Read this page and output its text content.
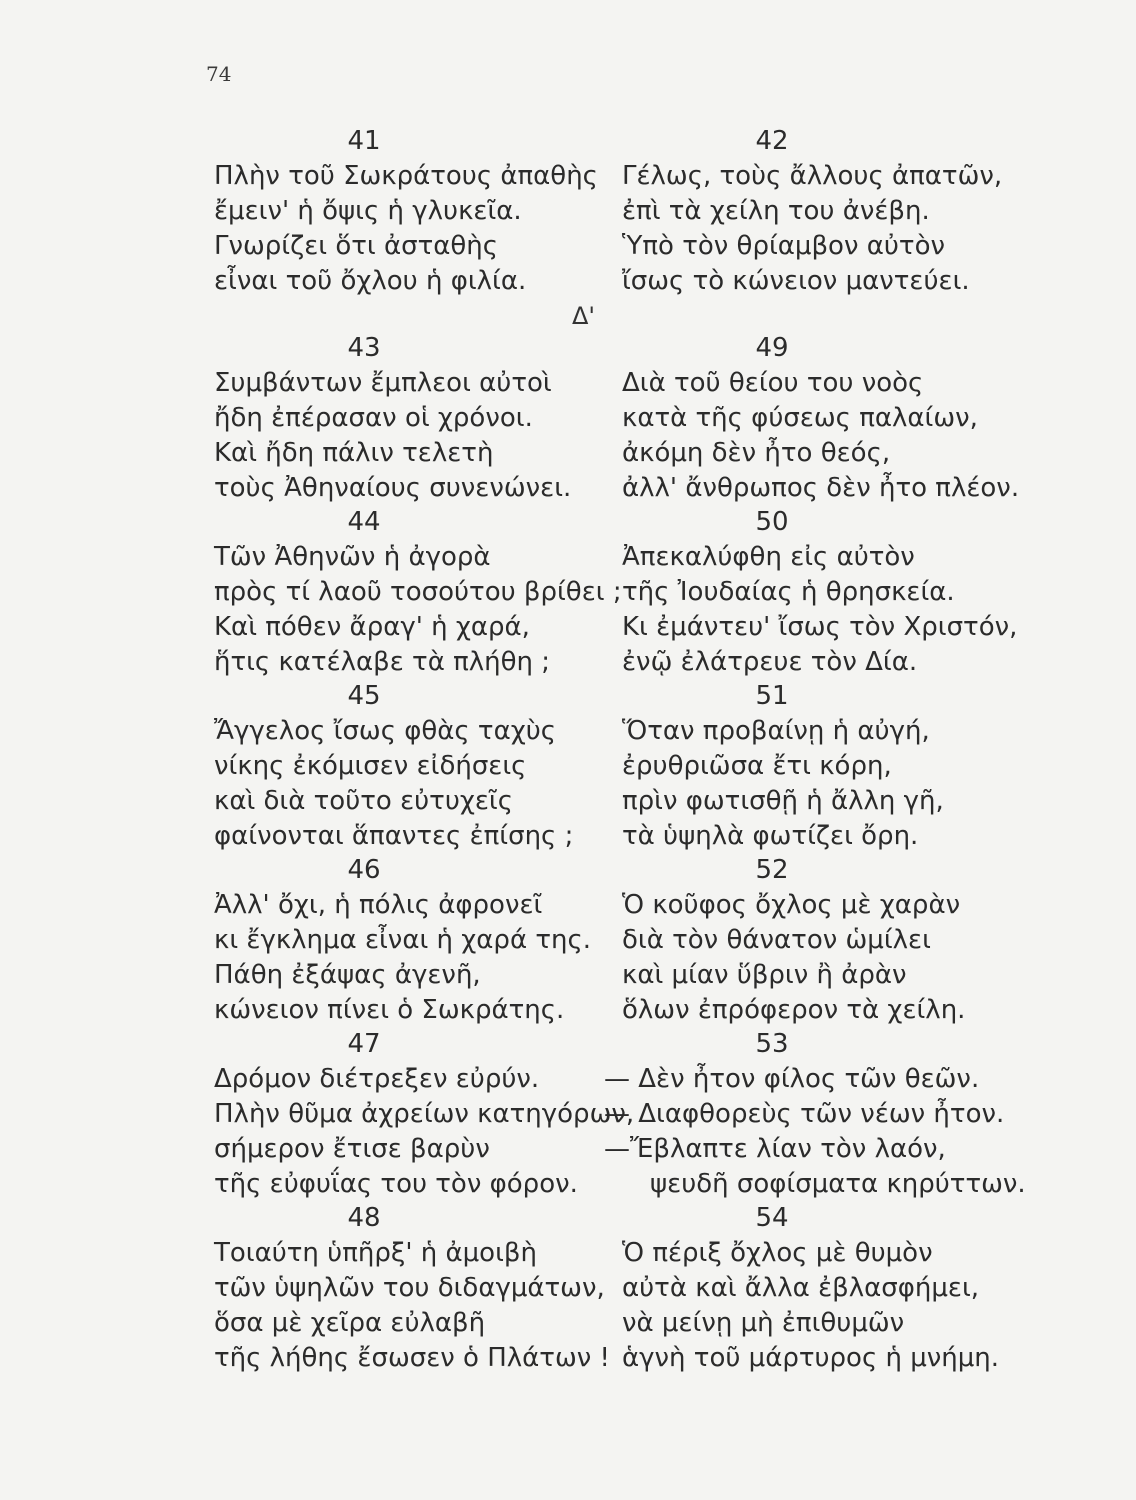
74
Δ'
41
Πλὴν τοῦ Σωκράτους ἀπαθὴς
ἔμειν' ἡ ὄψις ἡ γλυκεῖα.
Γνωρίζει ὅτι ἀσταθὴς
εἶναι τοῦ ὄχλου ἡ φιλία.
42
Γέλως, τοὺς ἄλλους ἀπατῶν,
ἐπὶ τὰ χείλη του ἀνέβη.
Ὑπὸ τὸν θρίαμβον αὐτὸν
ἴσως τὸ κώνειον μαντεύει.
43
Συμβάντων ἔμπλεοι αὐτοὶ
ἤδη ἐπέρασαν οἱ χρόνοι.
Καὶ ἤδη πάλιν τελετὴ
τοὺς Ἀθηναίους συνενώνει.
49
Διὰ τοῦ θείου του νοὸς
κατὰ τῆς φύσεως παλαίων,
ἀκόμη δὲν ἦτο θεός,
ἀλλ' ἄνθρωπος δὲν ἦτο πλέον.
44
Τῶν Ἀθηνῶν ἡ ἀγορὰ
πρὸς τί λαοῦ τοσούτου βρίθει ;
Καὶ πόθεν ἄραγ' ἡ χαρά,
ἥτις κατέλαβε τὰ πλήθη ;
50
Ἀπεκαλύφθη εἰς αὐτὸν
τῆς Ἰουδαίας ἡ θρησκεία.
Κι ἐμάντευ' ἴσως τὸν Χριστόν,
ἐνῷ ἐλάτρευε τὸν Δία.
45
Ἄγγελος ἴσως φθὰς ταχὺς
νίκης ἐκόμισεν εἰδήσεις
καὶ διὰ τοῦτο εὐτυχεῖς
φαίνονται ἅπαντες ἐπίσης ;
51
Ὅταν προβαίνῃ ἡ αὐγή,
ἐρυθριῶσα ἔτι κόρη,
πρὶν φωτισθῇ ἡ ἄλλη γῆ,
τὰ ὑψηλὰ φωτίζει ὄρη.
46
Ἀλλ' ὄχι, ἡ πόλις ἀφρονεῖ
κι ἔγκλημα εἶναι ἡ χαρά της.
Πάθη ἐξάψας ἀγενῆ,
κώνειον πίνει ὁ Σωκράτης.
52
Ὁ κοῦφος ὄχλος μὲ χαρὰν
διὰ τὸν θάνατον ὡμίλει
καὶ μίαν ὕβριν ἢ ἀρὰν
ὅλων ἐπρόφερον τὰ χείλη.
47
Δρόμον διέτρεξεν εὐρύν.
Πλὴν θῦμα ἀχρείων κατηγόρων,
σήμερον ἔτισε βαρὺν
τῆς εὐφυΐας του τὸν φόρον.
53
— Δὲν ἦτον φίλος τῶν θεῶν.
— Διαφθορεὺς τῶν νέων ἦτον.
—Ἔβλαπτε λίαν τὸν λαόν,
ψευδῆ σοφίσματα κηρύττων.
48
Τοιαύτη ὑπῆρξ' ἡ ἀμοιβὴ
τῶν ὑψηλῶν του διδαγμάτων,
ὅσα μὲ χεῖρα εὐλαβῆ
τῆς λήθης ἔσωσεν ὁ Πλάτων !
54
Ὁ πέριξ ὄχλος μὲ θυμὸν
αὐτὰ καὶ ἄλλα ἐβλασφήμει,
νὰ μείνῃ μὴ ἐπιθυμῶν
ἁγνὴ τοῦ μάρτυρος ἡ μνήμη.
